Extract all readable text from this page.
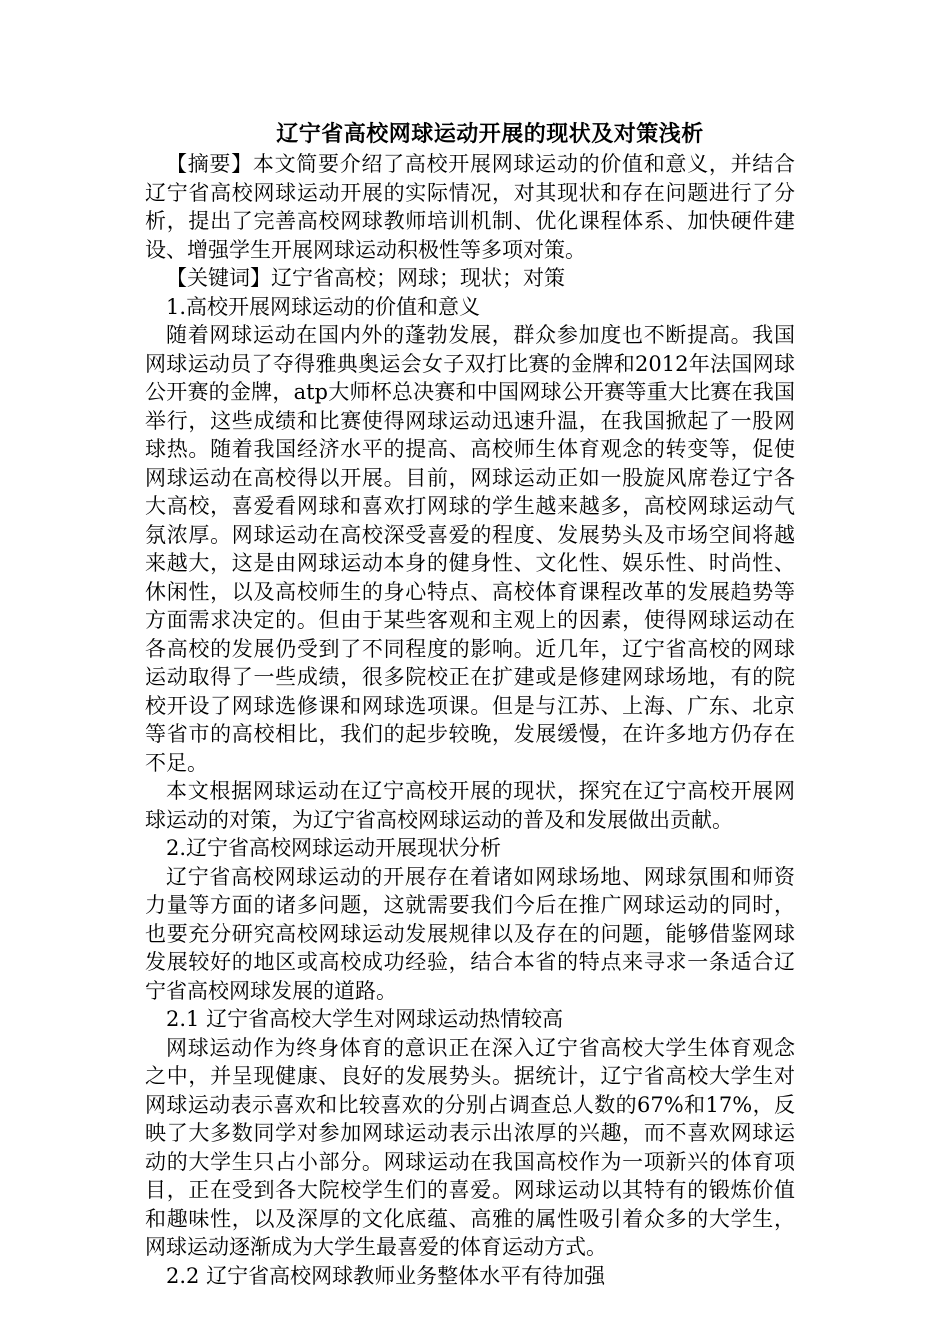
辽宁省高校网球运动开展的现状及对策浅析

【摘要】本文简要介绍了高校开展网球运动的价值和意义，并结合辽宁省高校网球运动开展的实际情况，对其现状和存在问题进行了分析，提出了完善高校网球教师培训机制、优化课程体系、加快硬件建设、增强学生开展网球运动积极性等多项对策。

【关键词】辽宁省高校；网球；现状；对策

1.高校开展网球运动的价值和意义

随着网球运动在国内外的蓬勃发展，群众参加度也不断提高。我国网球运动员了夺得雅典奥运会女子双打比赛的金牌和2012年法国网球公开赛的金牌，atp大师杯总决赛和中国网球公开赛等重大比赛在我国举行，这些成绩和比赛使得网球运动迅速升温，在我国掀起了一股网球热。随着我国经济水平的提高、高校师生体育观念的转变等，促使网球运动在高校得以开展。目前，网球运动正如一股旋风席卷辽宁各大高校，喜爱看网球和喜欢打网球的学生越来越多，高校网球运动气氛浓厚。网球运动在高校深受喜爱的程度、发展势头及市场空间将越来越大，这是由网球运动本身的健身性、文化性、娱乐性、时尚性、休闲性，以及高校师生的身心特点、高校体育课程改革的发展趋势等方面需求决定的。但由于某些客观和主观上的因素，使得网球运动在各高校的发展仍受到了不同程度的影响。近几年，辽宁省高校的网球运动取得了一些成绩，很多院校正在扩建或是修建网球场地，有的院校开设了网球选修课和网球选项课。但是与江苏、上海、广东、北京等省市的高校相比，我们的起步较晚，发展缓慢，在许多地方仍存在不足。

本文根据网球运动在辽宁高校开展的现状，探究在辽宁高校开展网球运动的对策，为辽宁省高校网球运动的普及和发展做出贡献。

2.辽宁省高校网球运动开展现状分析

辽宁省高校网球运动的开展存在着诸如网球场地、网球氛围和师资力量等方面的诸多问题，这就需要我们今后在推广网球运动的同时，也要充分研究高校网球运动发展规律以及存在的问题，能够借鉴网球发展较好的地区或高校成功经验，结合本省的特点来寻求一条适合辽宁省高校网球发展的道路。

2.1 辽宁省高校大学生对网球运动热情较高

网球运动作为终身体育的意识正在深入辽宁省高校大学生体育观念之中，并呈现健康、良好的发展势头。据统计，辽宁省高校大学生对网球运动表示喜欢和比较喜欢的分别占调查总人数的67%和17%，反映了大多数同学对参加网球运动表示出浓厚的兴趣，而不喜欢网球运动的大学生只占小部分。网球运动在我国高校作为一项新兴的体育项目，正在受到各大院校学生们的喜爱。网球运动以其特有的锻炼价值和趣味性，以及深厚的文化底蕴、高雅的属性吸引着众多的大学生，网球运动逐渐成为大学生最喜爱的体育运动方式。

2.2 辽宁省高校网球教师业务整体水平有待加强
